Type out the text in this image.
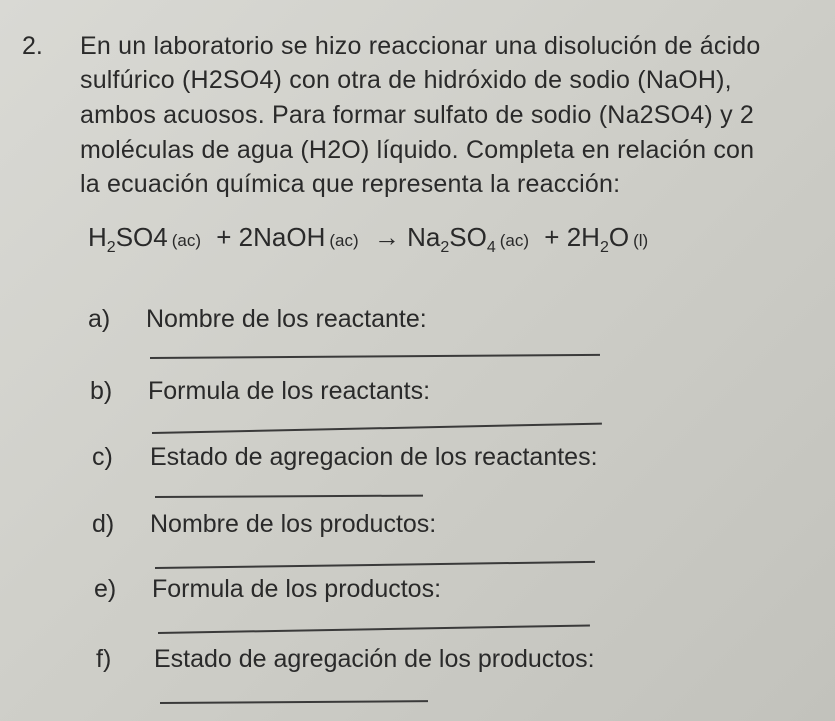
2. En un laboratorio se hizo reaccionar una disolución de ácido
sulfúrico (H2SO4) con otra de hidróxido de sodio (NaOH),
ambos acuosos. Para formar sulfato de sodio (Na2SO4) y 2
moléculas de agua (H2O) líquido. Completa en relación con
la ecuación química que representa la reacción:
$H_2SO4$ (ac) + 2NaOH $(ac) \to Na_2SO_4$ $(ac) + 2H_2O$ (l)
a) Nombre de los reactante:
b) Formula de los reactants:
c) Estado de agregacion de los reactantes:
d) Nombre de los productos:
e) Formula de los productos:
f) Estado de agregación de los productos:
